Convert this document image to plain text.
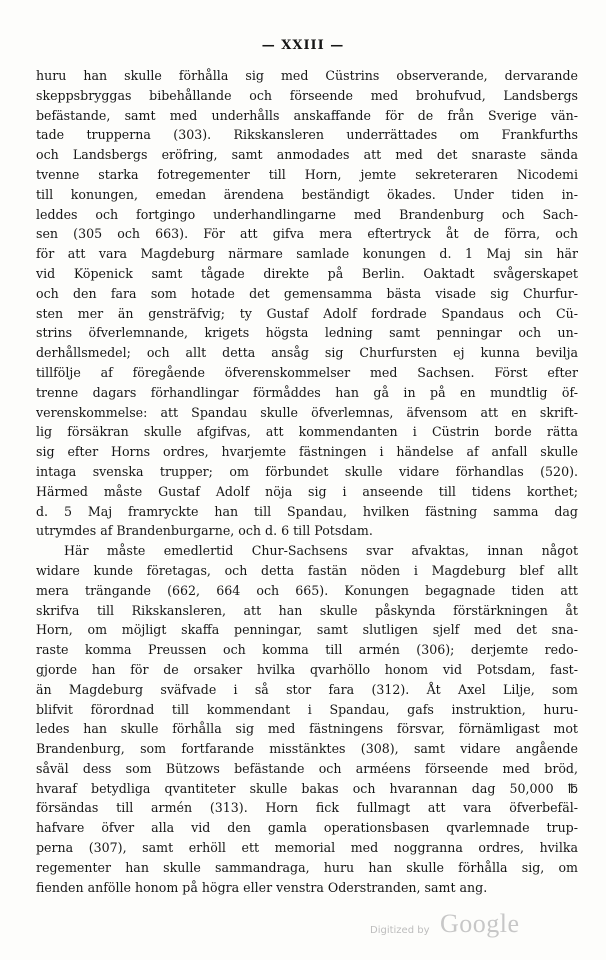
— XXIII —
huru han skulle förhålla sig med Cüstrins observerande, dervarande
skeppsbryggas bibehållande och förseende med brohufvud, Landsbergs
befästande, samt med underhålls anskaffande för de från Sverige vän-
tade trupperna (303). Rikskansleren underrättades om Frankfurths
och Landsbergs eröfring, samt anmodades att med det snaraste sända
tvenne starka fotregementer till Horn, jemte sekreteraren Nicodemi
till konungen, emedan ärendena beständigt ökades. Under tiden in-
leddes och fortgingo underhandlingarne med Brandenburg och Sach-
sen (305 och 663). För att gifva mera eftertryck åt de förra, och
för att vara Magdeburg närmare samlade konungen d. 1 Maj sin här
vid Köpenick samt tågade direkte på Berlin. Oaktadt svågerskapet
och den fara som hotade det gemensamma bästa visade sig Churfur-
sten mer än gensträfvig; ty Gustaf Adolf fordrade Spandaus och Cü-
strins öfverlemnande, krigets högsta ledning samt penningar och un-
derhållsmedel; och allt detta ansåg sig Churfursten ej kunna bevilja
tillfölje af föregående öfverenskommelser med Sachsen. Först efter
trenne dagars förhandlingar förmåddes han gå in på en mundtlig öf-
verenskommelse: att Spandau skulle öfverlemnas, äfvensom att en skrift-
lig försäkran skulle afgifvas, att kommendanten i Cüstrin borde rätta
sig efter Horns ordres, hvarjemte fästningen i händelse af anfall skulle
intaga svenska trupper; om förbundet skulle vidare förhandlas (520).
Härmed måste Gustaf Adolf nöja sig i anseende till tidens korthet;
d. 5 Maj framryckte han till Spandau, hvilken fästning samma dag
utrymdes af Brandenburgarne, och d. 6 till Potsdam.
Här måste emedlertid Chur-Sachsens svar afvaktas, innan något
widare kunde företagas, och detta fastän nöden i Magdeburg blef allt
mera trängande (662, 664 och 665). Konungen begagnade tiden att
skrifva till Rikskansleren, att han skulle påskynda förstärkningen åt
Horn, om möjligt skaffa penningar, samt slutligen sjelf med det sna-
raste komma Preussen och komma till armén (306); derjemte redo-
gjorde han för de orsaker hvilka qvarhöllo honom vid Potsdam, fast-
än Magdeburg sväfvade i så stor fara (312). Åt Axel Lilje, som
blifvit förordnad till kommendant i Spandau, gafs instruktion, huru-
ledes han skulle förhålla sig med fästningens försvar, förnämligast mot
Brandenburg, som fortfarande misstänktes (308), samt vidare angående
såväl dess som Bützows befästande och arméens förseende med bröd,
hvaraf betydliga qvantiteter skulle bakas och hvarannan dag 50,000 ℔
försändas till armén (313). Horn fick fullmagt att vara öfverbefäl-
hafvare öfver alla vid den gamla operationsbasen qvarlemnade trup-
perna (307), samt erhöll ett memorial med noggranna ordres, hvilka
regementer han skulle sammandraga, huru han skulle förhålla sig, om
fienden anfölle honom på högra eller venstra Oderstranden, samt ang.
Digitized by Google
